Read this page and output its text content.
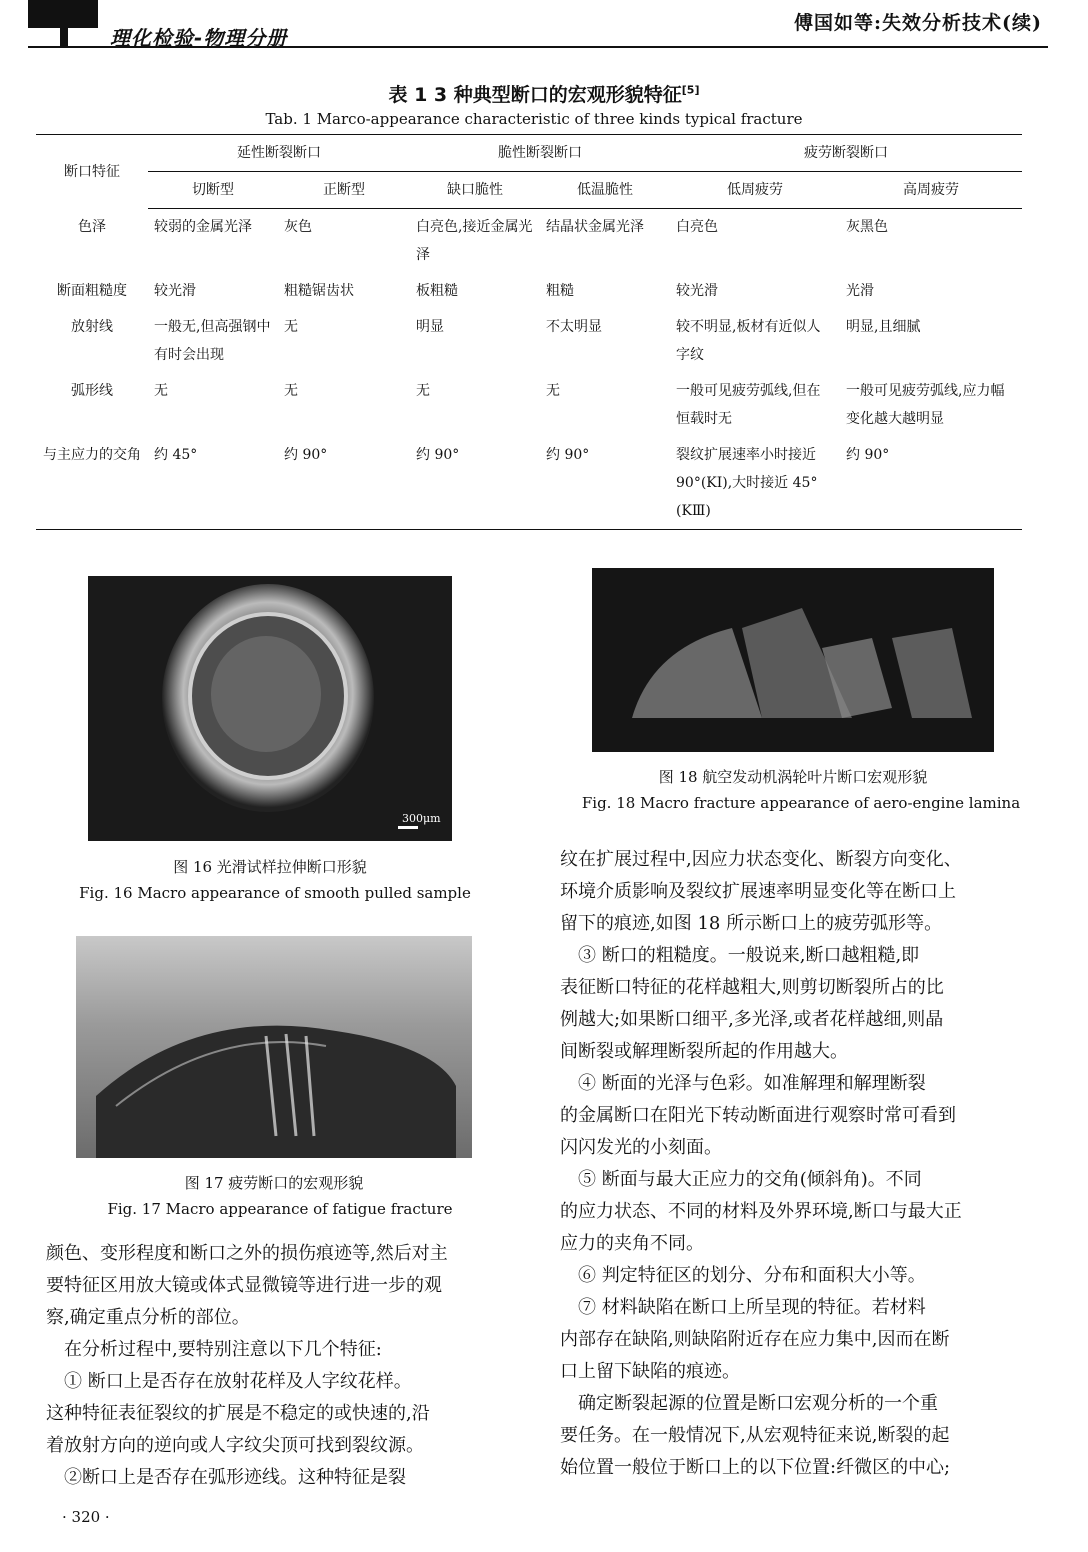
理化检验-物理分册
傅国如等:失效分析技术(续)
表 1 3 种典型断口的宏观形貌特征[5]
Tab. 1 Marco-appearance characteristic of three kinds typical fracture
断口特征	延性断裂断口		脆性断裂断口		疲劳断裂断口	
	切断型	正断型	缺口脆性	低温脆性	低周疲劳	高周疲劳
色泽	较弱的金属光泽	灰色	白亮色,接近金属光泽	结晶状金属光泽	白亮色	灰黑色
断面粗糙度	较光滑	粗糙锯齿状	板粗糙	粗糙	较光滑	光滑
放射线	一般无,但高强钢中有时会出现	无	明显	不太明显	较不明显,板材有近似人字纹	明显,且细腻
弧形线	无	无	无	无	一般可见疲劳弧线,但在恒载时无	一般可见疲劳弧线,应力幅变化越大越明显
与主应力的交角	约 45°	约 90°	约 90°	约 90°	裂纹扩展速率小时接近 90°(KⅠ),大时接近 45°(KⅢ)	约 90°
300μm
图 16 光滑试样拉伸断口形貌
Fig. 16 Macro appearance of smooth pulled sample
图 17 疲劳断口的宏观形貌
Fig. 17 Macro appearance of fatigue fracture
图 18 航空发动机涡轮叶片断口宏观形貌
Fig. 18 Macro fracture appearance of aero-engine lamina
颜色、变形程度和断口之外的损伤痕迹等,然后对主
要特征区用放大镜或体式显微镜等进行进一步的观
察,确定重点分析的部位。
　在分析过程中,要特别注意以下几个特征:
　① 断口上是否存在放射花样及人字纹花样。
这种特征表征裂纹的扩展是不稳定的或快速的,沿
着放射方向的逆向或人字纹尖顶可找到裂纹源。
　②断口上是否存在弧形迹线。这种特征是裂
纹在扩展过程中,因应力状态变化、断裂方向变化、
环境介质影响及裂纹扩展速率明显变化等在断口上
留下的痕迹,如图 18 所示断口上的疲劳弧形等。
　③ 断口的粗糙度。一般说来,断口越粗糙,即
表征断口特征的花样越粗大,则剪切断裂所占的比
例越大;如果断口细平,多光泽,或者花样越细,则晶
间断裂或解理断裂所起的作用越大。
　④ 断面的光泽与色彩。如准解理和解理断裂
的金属断口在阳光下转动断面进行观察时常可看到
闪闪发光的小刻面。
　⑤ 断面与最大正应力的交角(倾斜角)。不同
的应力状态、不同的材料及外界环境,断口与最大正
应力的夹角不同。
　⑥ 判定特征区的划分、分布和面积大小等。
　⑦ 材料缺陷在断口上所呈现的特征。若材料
内部存在缺陷,则缺陷附近存在应力集中,因而在断
口上留下缺陷的痕迹。
　确定断裂起源的位置是断口宏观分析的一个重
要任务。在一般情况下,从宏观特征来说,断裂的起
始位置一般位于断口上的以下位置:纤微区的中心;
· 320 ·
